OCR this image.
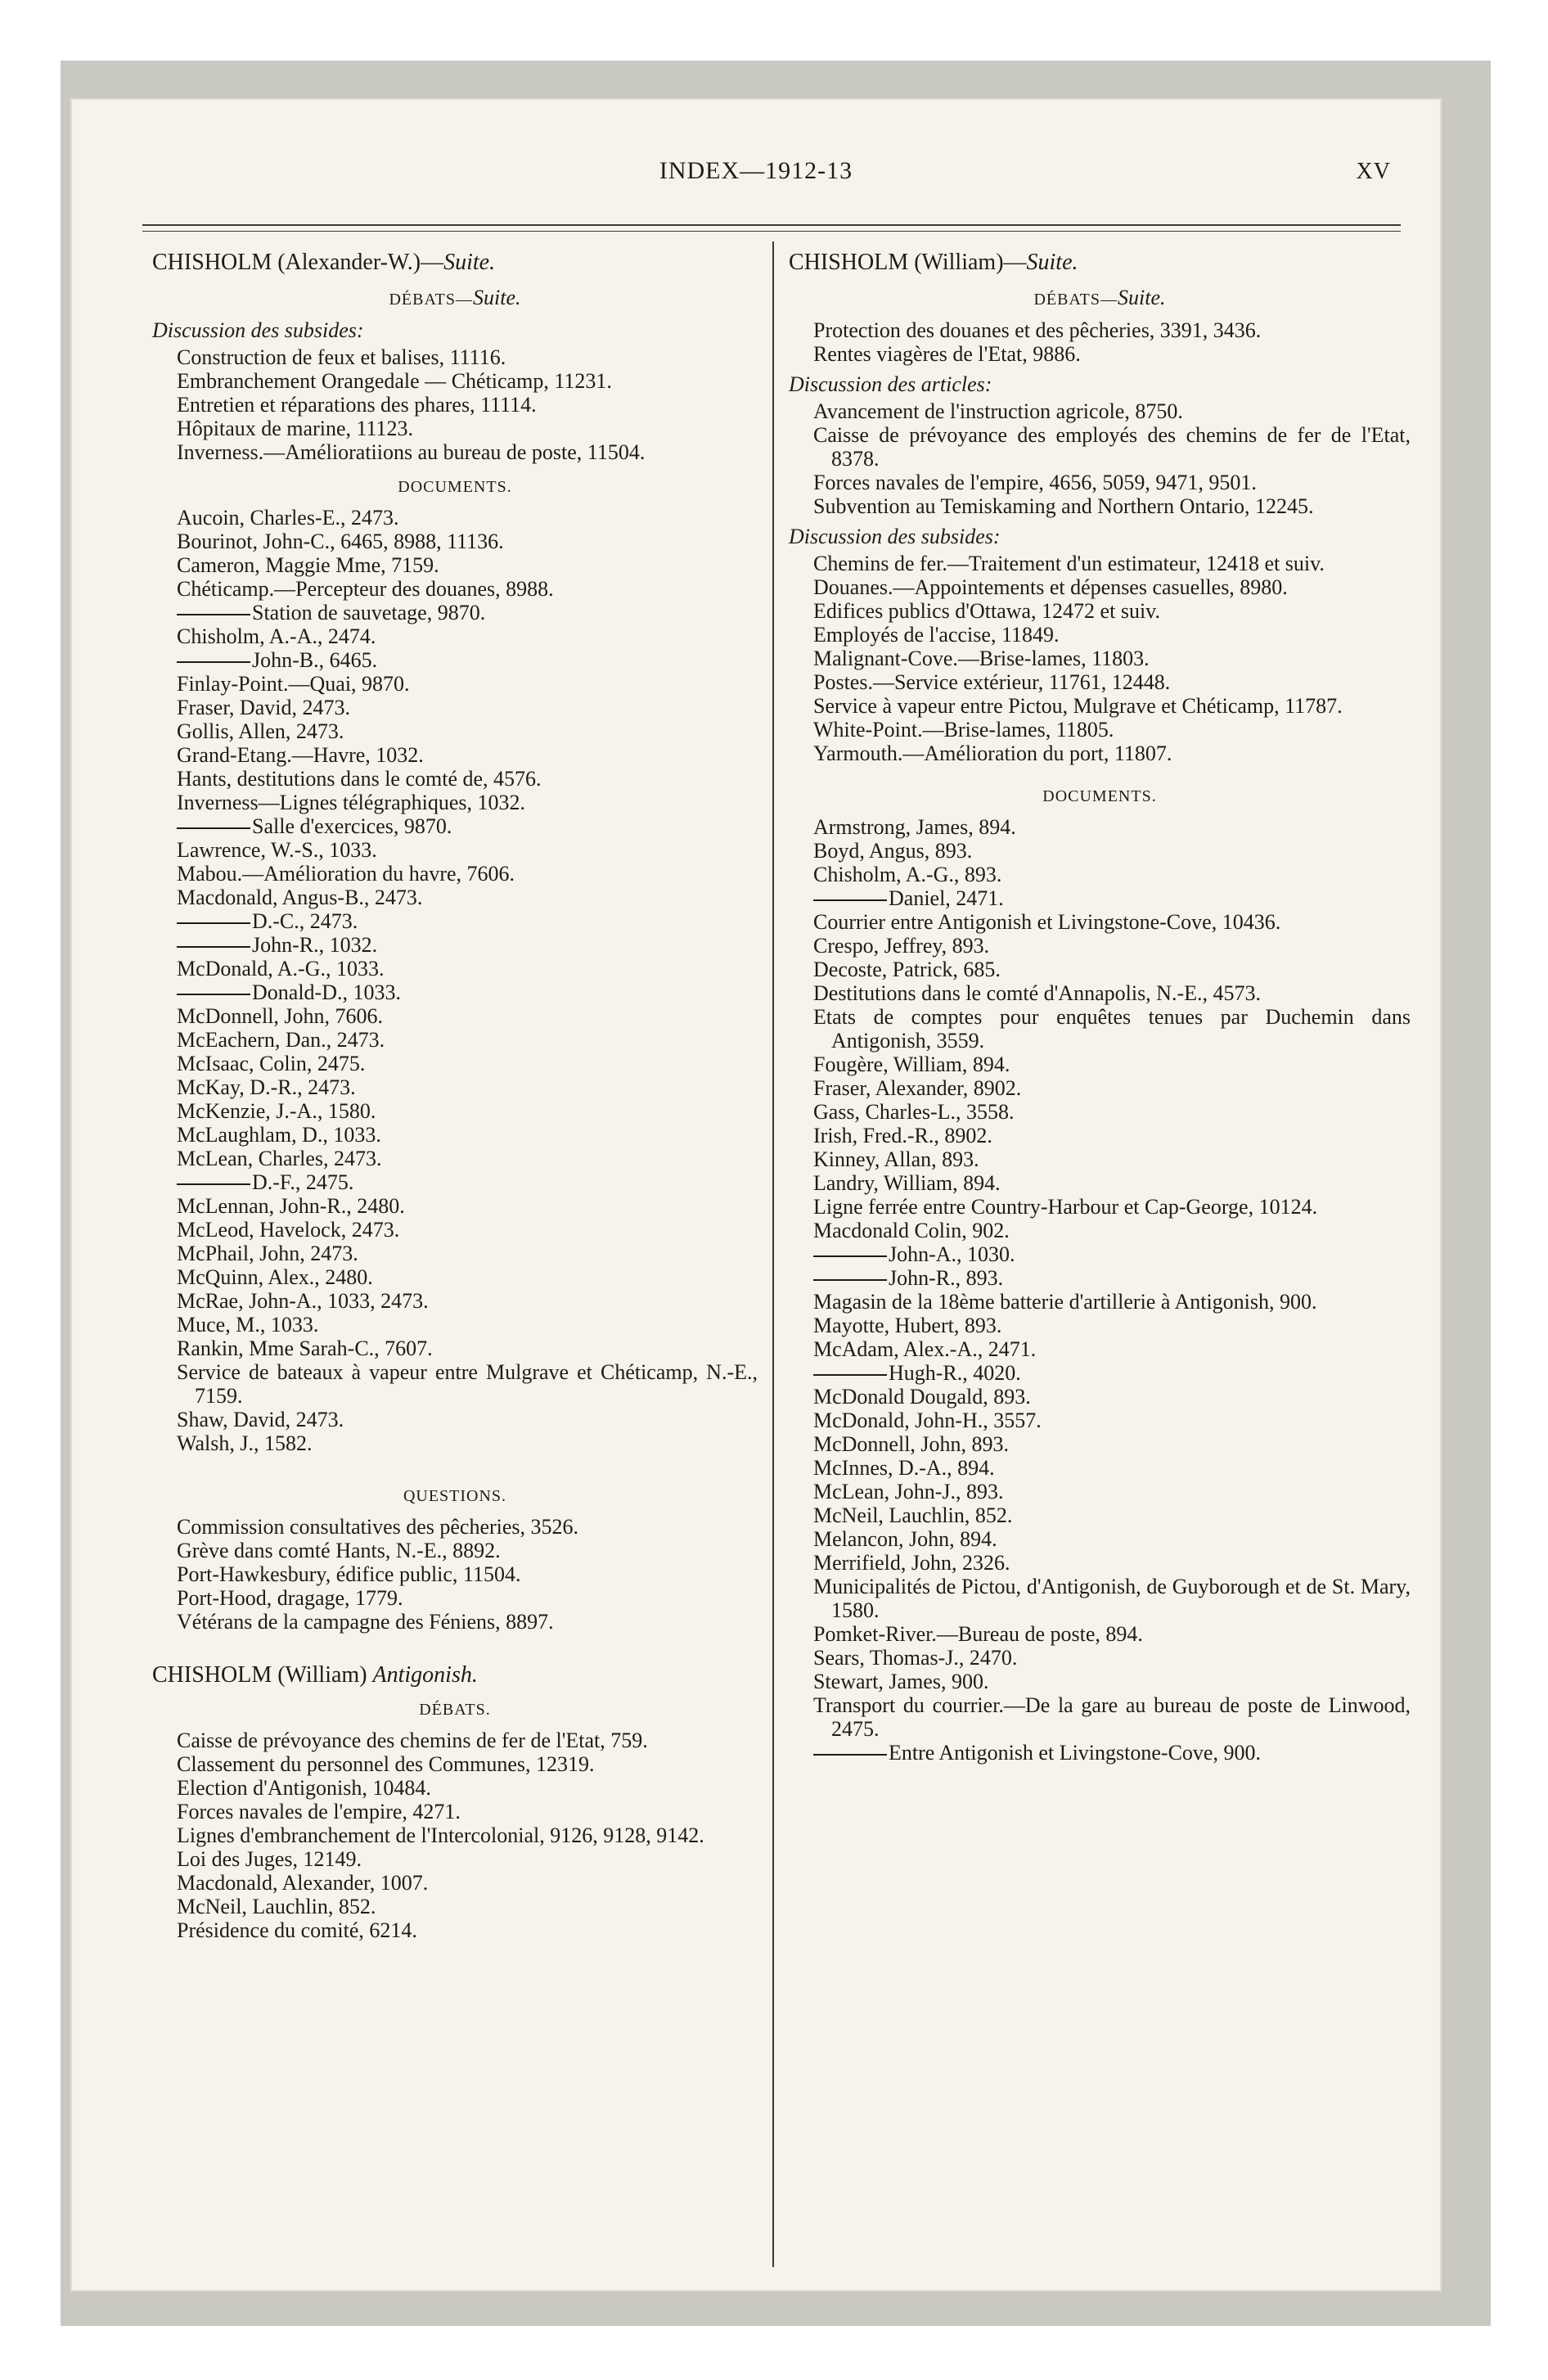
INDEX—1912-13	XV

CHISHOLM (Alexander-W.)—Suite.

DÉBATS—Suite.

Discussion des subsides:

Construction de feux et balises, 11116.

Embranchement Orangedale — Chéticamp, 11231.

Entretien et réparations des phares, 11114.

Hôpitaux de marine, 11123.

Inverness.—Amélioratiions au bureau de poste, 11504.

DOCUMENTS.

Aucoin, Charles-E., 2473.

Bourinot, John-C., 6465, 8988, 11136.

Cameron, Maggie Mme, 7159.

Chéticamp.—Percepteur des douanes, 8988.

Station de sauvetage, 9870.

Chisholm, A.-A., 2474.

John-B., 6465.

Finlay-Point.—Quai, 9870.

Fraser, David, 2473.

Gollis, Allen, 2473.

Grand-Etang.—Havre, 1032.

Hants, destitutions dans le comté de, 4576.

Inverness—Lignes télégraphiques, 1032.

Salle d'exercices, 9870.

Lawrence, W.-S., 1033.

Mabou.—Amélioration du havre, 7606.

Macdonald, Angus-B., 2473.

D.-C., 2473.

John-R., 1032.

McDonald, A.-G., 1033.

Donald-D., 1033.

McDonnell, John, 7606.

McEachern, Dan., 2473.

McIsaac, Colin, 2475.

McKay, D.-R., 2473.

McKenzie, J.-A., 1580.

McLaughlam, D., 1033.

McLean, Charles, 2473.

D.-F., 2475.

McLennan, John-R., 2480.

McLeod, Havelock, 2473.

McPhail, John, 2473.

McQuinn, Alex., 2480.

McRae, John-A., 1033, 2473.

Muce, M., 1033.

Rankin, Mme Sarah-C., 7607.

Service de bateaux à vapeur entre Mulgrave et Chéticamp, N.-E., 7159.

Shaw, David, 2473.

Walsh, J., 1582.

QUESTIONS.

Commission consultatives des pêcheries, 3526.

Grève dans comté Hants, N.-E., 8892.

Port-Hawkesbury, édifice public, 11504.

Port-Hood, dragage, 1779.

Vétérans de la campagne des Féniens, 8897.

CHISHOLM (William) Antigonish.

DÉBATS.

Caisse de prévoyance des chemins de fer de l'Etat, 759.

Classement du personnel des Communes, 12319.

Election d'Antigonish, 10484.

Forces navales de l'empire, 4271.

Lignes d'embranchement de l'Intercolonial, 9126, 9128, 9142.

Loi des Juges, 12149.

Macdonald, Alexander, 1007.

McNeil, Lauchlin, 852.

Présidence du comité, 6214.

CHISHOLM (William)—Suite.

DÉBATS—Suite.

Protection des douanes et des pêcheries, 3391, 3436.

Rentes viagères de l'Etat, 9886.

Discussion des articles:

Avancement de l'instruction agricole, 8750.

Caisse de prévoyance des employés des chemins de fer de l'Etat, 8378.

Forces navales de l'empire, 4656, 5059, 9471, 9501.

Subvention au Temiskaming and Northern Ontario, 12245.

Discussion des subsides:

Chemins de fer.—Traitement d'un estimateur, 12418 et suiv.

Douanes.—Appointements et dépenses casuelles, 8980.

Edifices publics d'Ottawa, 12472 et suiv.

Employés de l'accise, 11849.

Malignant-Cove.—Brise-lames, 11803.

Postes.—Service extérieur, 11761, 12448.

Service à vapeur entre Pictou, Mulgrave et Chéticamp, 11787.

White-Point.—Brise-lames, 11805.

Yarmouth.—Amélioration du port, 11807.

DOCUMENTS.

Armstrong, James, 894.

Boyd, Angus, 893.

Chisholm, A.-G., 893.

Daniel, 2471.

Courrier entre Antigonish et Livingstone-Cove, 10436.

Crespo, Jeffrey, 893.

Decoste, Patrick, 685.

Destitutions dans le comté d'Annapolis, N.-E., 4573.

Etats de comptes pour enquêtes tenues par Duchemin dans Antigonish, 3559.

Fougère, William, 894.

Fraser, Alexander, 8902.

Gass, Charles-L., 3558.

Irish, Fred.-R., 8902.

Kinney, Allan, 893.

Landry, William, 894.

Ligne ferrée entre Country-Harbour et Cap-George, 10124.

Macdonald Colin, 902.

John-A., 1030.

John-R., 893.

Magasin de la 18ème batterie d'artillerie à Antigonish, 900.

Mayotte, Hubert, 893.

McAdam, Alex.-A., 2471.

Hugh-R., 4020.

McDonald Dougald, 893.

McDonald, John-H., 3557.

McDonnell, John, 893.

McInnes, D.-A., 894.

McLean, John-J., 893.

McNeil, Lauchlin, 852.

Melancon, John, 894.

Merrifield, John, 2326.

Municipalités de Pictou, d'Antigonish, de Guyborough et de St. Mary, 1580.

Pomket-River.—Bureau de poste, 894.

Sears, Thomas-J., 2470.

Stewart, James, 900.

Transport du courrier.—De la gare au bureau de poste de Linwood, 2475.

Entre Antigonish et Livingstone-Cove, 900.
